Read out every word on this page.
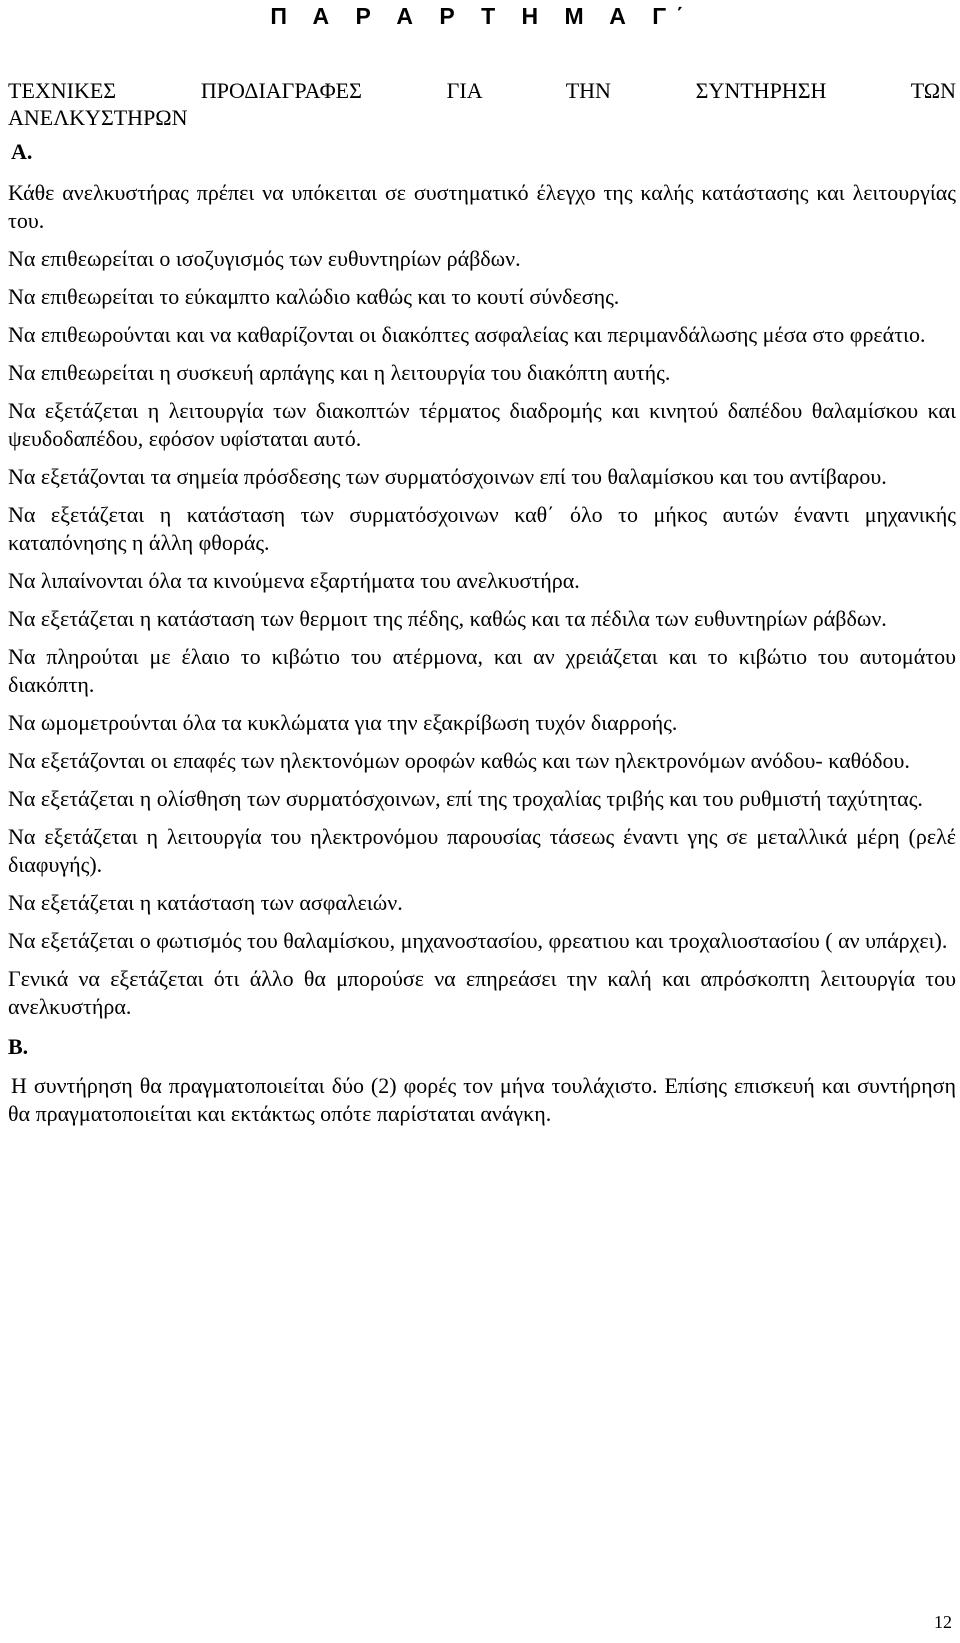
Π Α Ρ Α Ρ Τ Η Μ Α Γ΄
ΤΕΧΝΙΚΕΣ ΠΡΟΔΙΑΓΡΑΦΕΣ ΓΙΑ ΤΗΝ ΣΥΝΤΗΡΗΣΗ ΤΩΝ
ΑΝΕΛΚΥΣΤΗΡΩΝ
Α.

Κάθε ανελκυστήρας πρέπει να υπόκειται σε συστηματικό έλεγχο της καλής κατάστασης και λειτουργίας του.

Να επιθεωρείται ο ισοζυγισμός των ευθυντηρίων ράβδων.

Να επιθεωρείται το εύκαμπτο καλώδιο καθώς και το κουτί σύνδεσης.

Να επιθεωρούνται και να καθαρίζονται οι διακόπτες ασφαλείας και περιμανδάλωσης μέσα στο φρεάτιο.

Να επιθεωρείται η συσκευή αρπάγης και η λειτουργία του διακόπτη αυτής.

Να εξετάζεται η λειτουργία των διακοπτών τέρματος διαδρομής και κινητού δαπέδου θαλαμίσκου και ψευδοδαπέδου, εφόσον υφίσταται αυτό.

Να εξετάζονται τα σημεία πρόσδεσης των συρματόσχοινων επί του θαλαμίσκου και του αντίβαρου.

Να εξετάζεται η κατάσταση των συρματόσχοινων καθ΄ όλο το μήκος αυτών έναντι μηχανικής καταπόνησης η άλλη φθοράς.

Να λιπαίνονται όλα τα κινούμενα εξαρτήματα του ανελκυστήρα.

Να εξετάζεται η κατάσταση των θερμοιτ της πέδης, καθώς και τα πέδιλα των ευθυντηρίων ράβδων.

Να πληρούται με έλαιο το κιβώτιο του ατέρμονα, και αν χρειάζεται και το κιβώτιο του αυτομάτου διακόπτη.

Να ωμομετρούνται όλα τα κυκλώματα για την εξακρίβωση τυχόν διαρροής.

Να εξετάζονται οι επαφές των ηλεκτονόμων οροφών καθώς και των ηλεκτρονόμων ανόδου- καθόδου.

Να εξετάζεται η ολίσθηση των συρματόσχοινων, επί της τροχαλίας τριβής και του ρυθμιστή ταχύτητας.

Να εξετάζεται η λειτουργία του ηλεκτρονόμου παρουσίας τάσεως έναντι γης σε μεταλλικά μέρη (ρελέ διαφυγής).

Να εξετάζεται η κατάσταση των ασφαλειών.

Να εξετάζεται ο φωτισμός του θαλαμίσκου, μηχανοστασίου, φρεατιου και τροχαλιοστασίου ( αν υπάρχει).

Γενικά να εξετάζεται ότι άλλο θα μπορούσε να επηρεάσει την καλή και απρόσκοπτη λειτουργία του ανελκυστήρα.

Β.

Η συντήρηση θα πραγματοποιείται δύο (2) φορές τον μήνα τουλάχιστο. Επίσης επισκευή και συντήρηση θα πραγματοποιείται και εκτάκτως οπότε παρίσταται ανάγκη.

12
